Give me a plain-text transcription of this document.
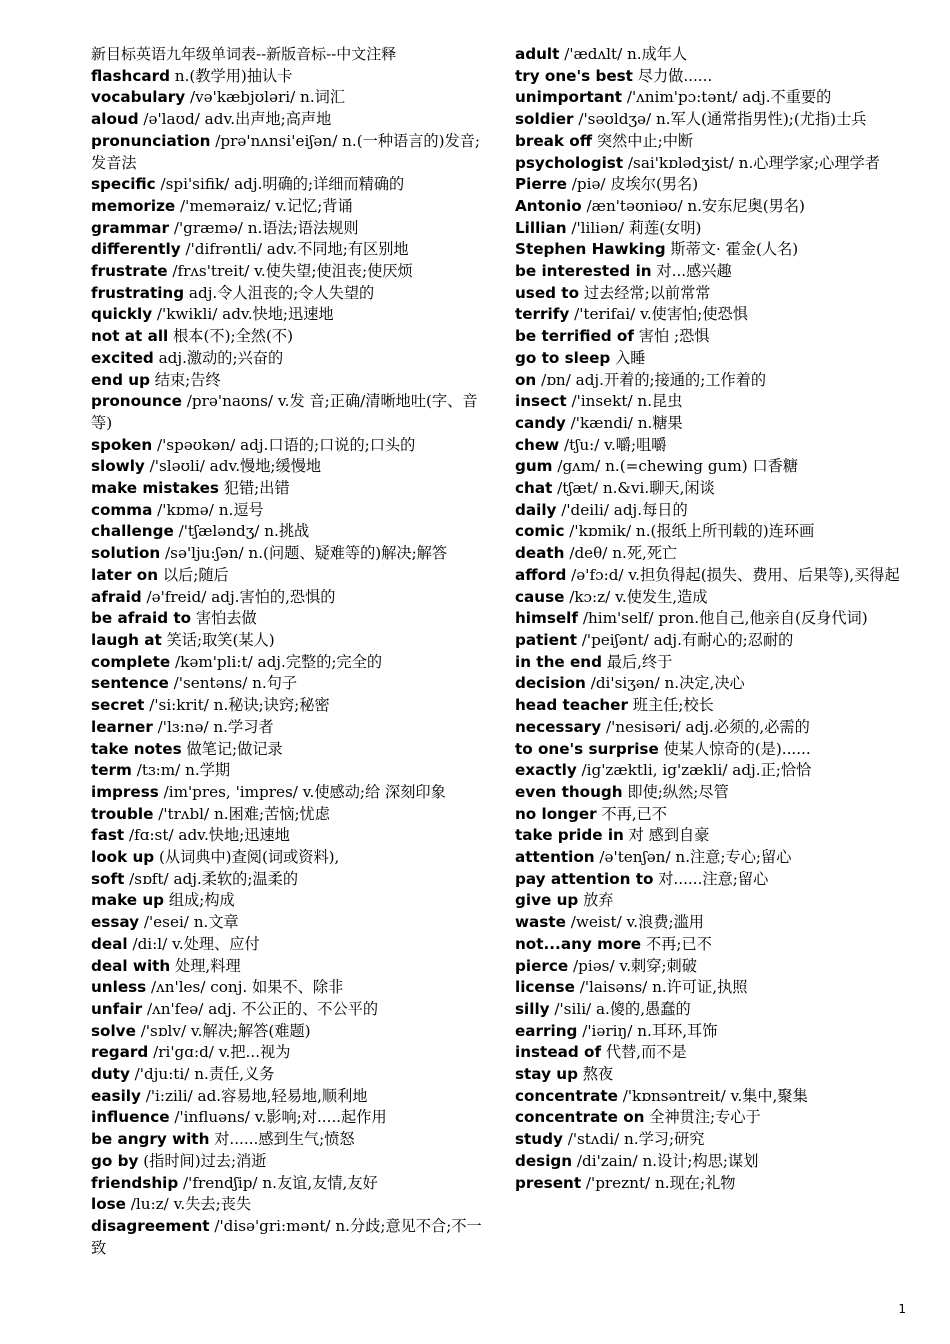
新目标英语九年级单词表--新版音标--中文注释
flashcard n.(教学用)抽认卡
vocabulary /və'kæbjʊləri/ n.词汇
aloud /ə'laʊd/ adv.出声地;高声地
pronunciation /prə'nʌnsi'eiʃən/ n.(一种语言的)发音;发音法
specific /spi'sifik/ adj.明确的;详细而精确的
memorize /'meməraiz/ v.记忆;背诵
grammar /'græmə/ n.语法;语法规则
differently /'difrəntli/ adv.不同地;有区别地
frustrate /frʌs'treit/ v.使失望;使沮丧;使厌烦
frustrating adj.令人沮丧的;令人失望的
quickly /'kwikli/ adv.快地;迅速地
not at all 根本(不);全然(不)
excited adj.激动的;兴奋的
end up 结束;告终
pronounce /prə'naʊns/ v.发 音;正确/清晰地吐(字、音等)
spoken /'spəʊkən/ adj.口语的;口说的;口头的
slowly /'sləʊli/ adv.慢地;缓慢地
make mistakes 犯错;出错
comma /'kɒmə/ n.逗号
challenge /'tʃæləndʒ/ n.挑战
solution /sə'lju:ʃən/ n.(问题、疑难等的)解决;解答
later on 以后;随后
afraid /ə'freid/ adj.害怕的,恐惧的
be afraid to 害怕去做
laugh at 笑话;取笑(某人)
complete /kəm'pli:t/ adj.完整的;完全的
sentence /'sentəns/ n.句子
secret /'si:krit/ n.秘诀;诀窍;秘密
learner /'lɜ:nə/ n.学习者
take notes 做笔记;做记录
term /tɜ:m/ n.学期
impress /im'pres, 'impres/ v.使感动;给 深刻印象
trouble /'trʌbl/ n.困难;苦恼;忧虑
fast /fɑ:st/ adv.快地;迅速地
look up (从词典中)查阅(词或资料),
soft /sɒft/ adj.柔软的;温柔的
make up 组成;构成
essay /'esei/ n.文章
deal /di:l/ v.处理、应付
deal with 处理,料理
unless /ʌn'les/ conj. 如果不、除非
unfair /ʌn'feə/ adj. 不公正的、不公平的
solve /'sɒlv/ v.解决;解答(难题)
regard /ri'gɑ:d/ v.把...视为
duty /'dju:ti/ n.责任,义务
easily /'i:zili/ ad.容易地,轻易地,顺利地
influence /'influəns/ v.影响;对.....起作用
be angry with 对......感到生气;愤怒
go by (指时间)过去;消逝
friendship /'frendʃip/ n.友谊,友情,友好
lose /lu:z/ v.失去;丧失
disagreement /'disə'gri:mənt/ n.分歧;意见不合;不一致
adult /'ædʌlt/ n.成年人
try one's best 尽力做......
unimportant /'ʌnim'pɔ:tənt/ adj.不重要的
soldier /'səʊldʒə/ n.军人(通常指男性);(尤指)士兵
break off 突然中止;中断
psychologist /sai'kɒlədʒist/ n.心理学家;心理学者
Pierre /piə/ 皮埃尔(男名)
Antonio /æn'təʊniəʊ/ n.安东尼奥(男名)
Lillian /'liliən/ 莉莲(女明)
Stephen Hawking 斯蒂文· 霍金(人名)
be interested in 对...感兴趣
used to 过去经常;以前常常
terrify /'terifai/ v.使害怕;使恐惧
be terrified of 害怕 ;恐惧
go to sleep 入睡
on /ɒn/ adj.开着的;接通的;工作着的
insect /'insekt/ n.昆虫
candy /'kændi/ n.糖果
chew /tʃu:/ v.嚼;咀嚼
gum /gʌm/ n.(=chewing gum) 口香糖
chat /tʃæt/ n.&vi.聊天,闲谈
daily /'deili/ adj.每日的
comic /'kɒmik/ n.(报纸上所刊载的)连环画
death /deθ/ n.死,死亡
afford /ə'fɔ:d/ v.担负得起(损失、费用、后果等),买得起
cause /kɔ:z/ v.使发生,造成
himself /him'self/ pron.他自己,他亲自(反身代词)
patient /'peiʃənt/ adj.有耐心的;忍耐的
in the end 最后,终于
decision /di'siʒən/ n.决定,决心
head teacher 班主任;校长
necessary /'nesisəri/ adj.必须的,必需的
to one's surprise 使某人惊奇的(是)......
exactly /ig'zæktli, ig'zækli/ adj.正;恰恰
even though 即使;纵然;尽管
no longer 不再,已不
take pride in 对 感到自豪
attention /ə'tenʃən/ n.注意;专心;留心
pay attention to 对......注意;留心
give up 放弃
waste /weist/ v.浪费;滥用
not...any more 不再;已不
pierce /piəs/ v.刺穿;刺破
license /'laisəns/ n.许可证,执照
silly /'sili/ a.傻的,愚蠢的
earring /'iəriŋ/ n.耳环,耳饰
instead of 代替,而不是
stay up 熬夜
concentrate /'kɒnsəntreit/ v.集中,聚集
concentrate on 全神贯注;专心于
study /'stʌdi/ n.学习;研究
design /di'zain/ n.设计;构思;谋划
present /'preznt/ n.现在;礼物
1
